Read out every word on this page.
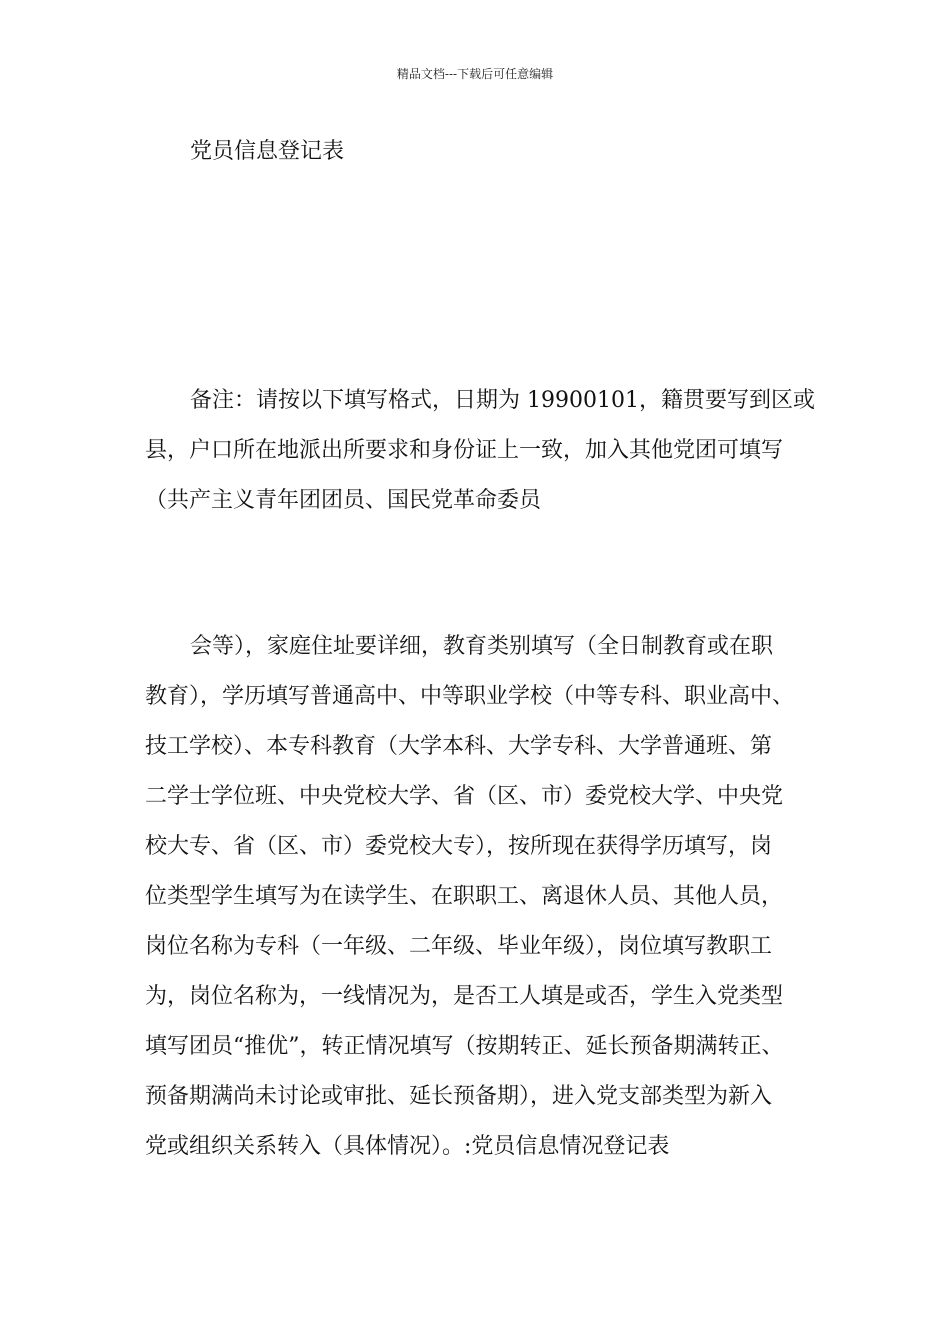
精品文档---下载后可任意编辑
党员信息登记表
备注：请按以下填写格式，日期为 19900101，籍贯要写到区或
县，户口所在地派出所要求和身份证上一致，加入其他党团可填写
（共产主义青年团团员、国民党革命委员
会等），家庭住址要详细，教育类别填写（全日制教育或在职
教育），学历填写普通高中、中等职业学校（中等专科、职业高中、
技工学校）、本专科教育（大学本科、大学专科、大学普通班、第
二学士学位班、中央党校大学、省（区、市）委党校大学、中央党
校大专、省（区、市）委党校大专），按所现在获得学历填写，岗
位类型学生填写为在读学生、在职职工、离退休人员、其他人员，
岗位名称为专科（一年级、二年级、毕业年级），岗位填写教职工
为，岗位名称为，一线情况为，是否工人填是或否，学生入党类型
填写团员“推优”，转正情况填写（按期转正、延长预备期满转正、
预备期满尚未讨论或审批、延长预备期），进入党支部类型为新入
党或组织关系转入（具体情况）。:党员信息情况登记表
